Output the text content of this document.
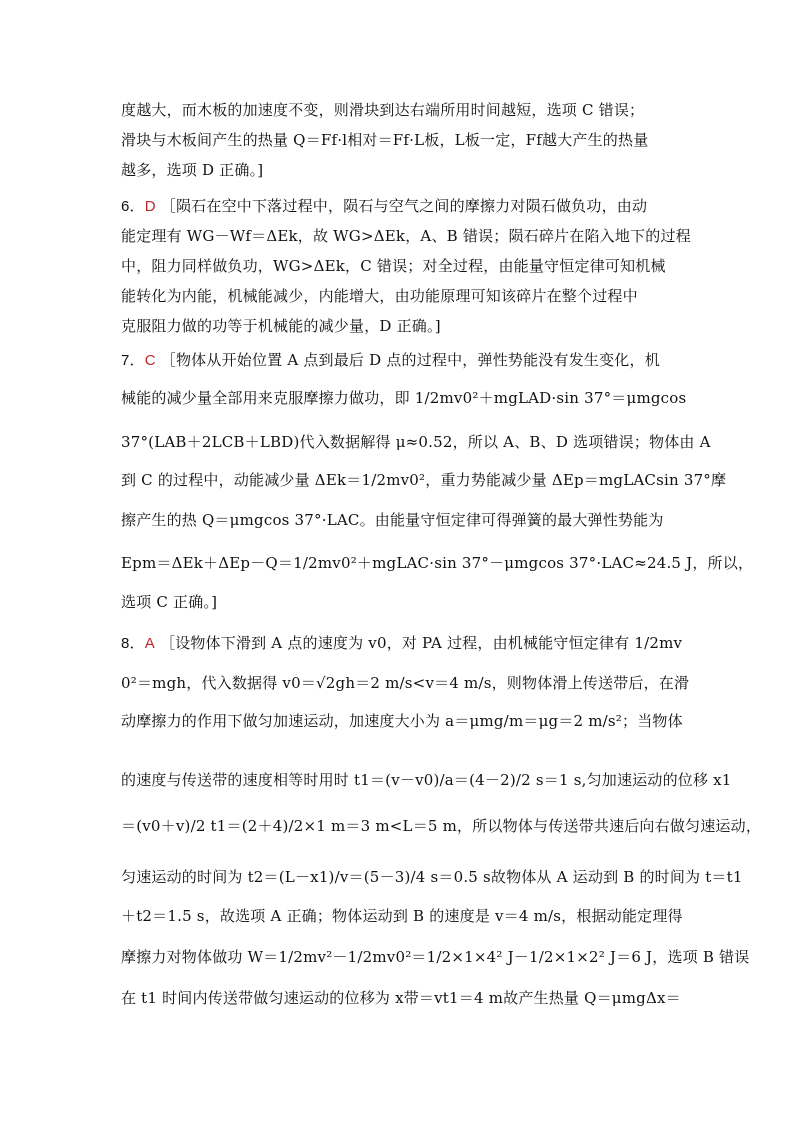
度越大，而木板的加速度不变，则滑块到达右端所用时间越短，选项 C 错误；
滑块与木板间产生的热量 Q＝Ff·l相对＝Ff·L板，L板一定，Ff越大产生的热量
越多，选项 D 正确。]
6．D ［陨石在空中下落过程中，陨石与空气之间的摩擦力对陨石做负功，由动
能定理有 WG－Wf＝ΔEk，故 WG>ΔEk，A、B 错误；陨石碎片在陷入地下的过程
中，阻力同样做负功，WG>ΔEk，C 错误；对全过程，由能量守恒定律可知机械
能转化为内能，机械能减少，内能增大，由功能原理可知该碎片在整个过程中
克服阻力做的功等于机械能的减少量，D 正确。]
7．C ［物体从开始位置 A 点到最后 D 点的过程中，弹性势能没有发生变化，机
械能的减少量全部用来克服摩擦力做功，即 1/2mv0²＋mgLAD·sin 37°＝μmgcos
37°(LAB＋2LCB＋LBD)代入数据解得 μ≈0.52，所以 A、B、D 选项错误；物体由 A
到 C 的过程中，动能减少量 ΔEk＝1/2mv0²，重力势能减少量 ΔEp＝mgLACsin 37°摩
擦产生的热 Q＝μmgcos 37°·LAC。由能量守恒定律可得弹簧的最大弹性势能为
Epm＝ΔEk＋ΔEp－Q＝1/2mv0²＋mgLAC·sin 37°－μmgcos 37°·LAC≈24.5 J，所以，
选项 C 正确。]
8．A ［设物体下滑到 A 点的速度为 v0，对 PA 过程，由机械能守恒定律有 1/2mv
0²＝mgh，代入数据得 v0＝√2gh＝2 m/s<v＝4 m/s，则物体滑上传送带后，在滑
动摩擦力的作用下做匀加速运动，加速度大小为 a＝μmg/m＝μg＝2 m/s²；当物体
的速度与传送带的速度相等时用时 t1＝(v－v0)/a＝(4－2)/2 s＝1 s,匀加速运动的位移 x1
＝(v0＋v)/2 t1＝(2＋4)/2×1 m＝3 m<L＝5 m，所以物体与传送带共速后向右做匀速运动，
匀速运动的时间为 t2＝(L－x1)/v＝(5－3)/4 s＝0.5 s故物体从 A 运动到 B 的时间为 t＝t1
＋t2＝1.5 s，故选项 A 正确；物体运动到 B 的速度是 v＝4 m/s，根据动能定理得
摩擦力对物体做功 W＝1/2mv²－1/2mv0²＝1/2×1×4² J－1/2×1×2² J＝6 J，选项 B 错误
在 t1 时间内传送带做匀速运动的位移为 x带＝vt1＝4 m故产生热量 Q＝μmgΔx＝
